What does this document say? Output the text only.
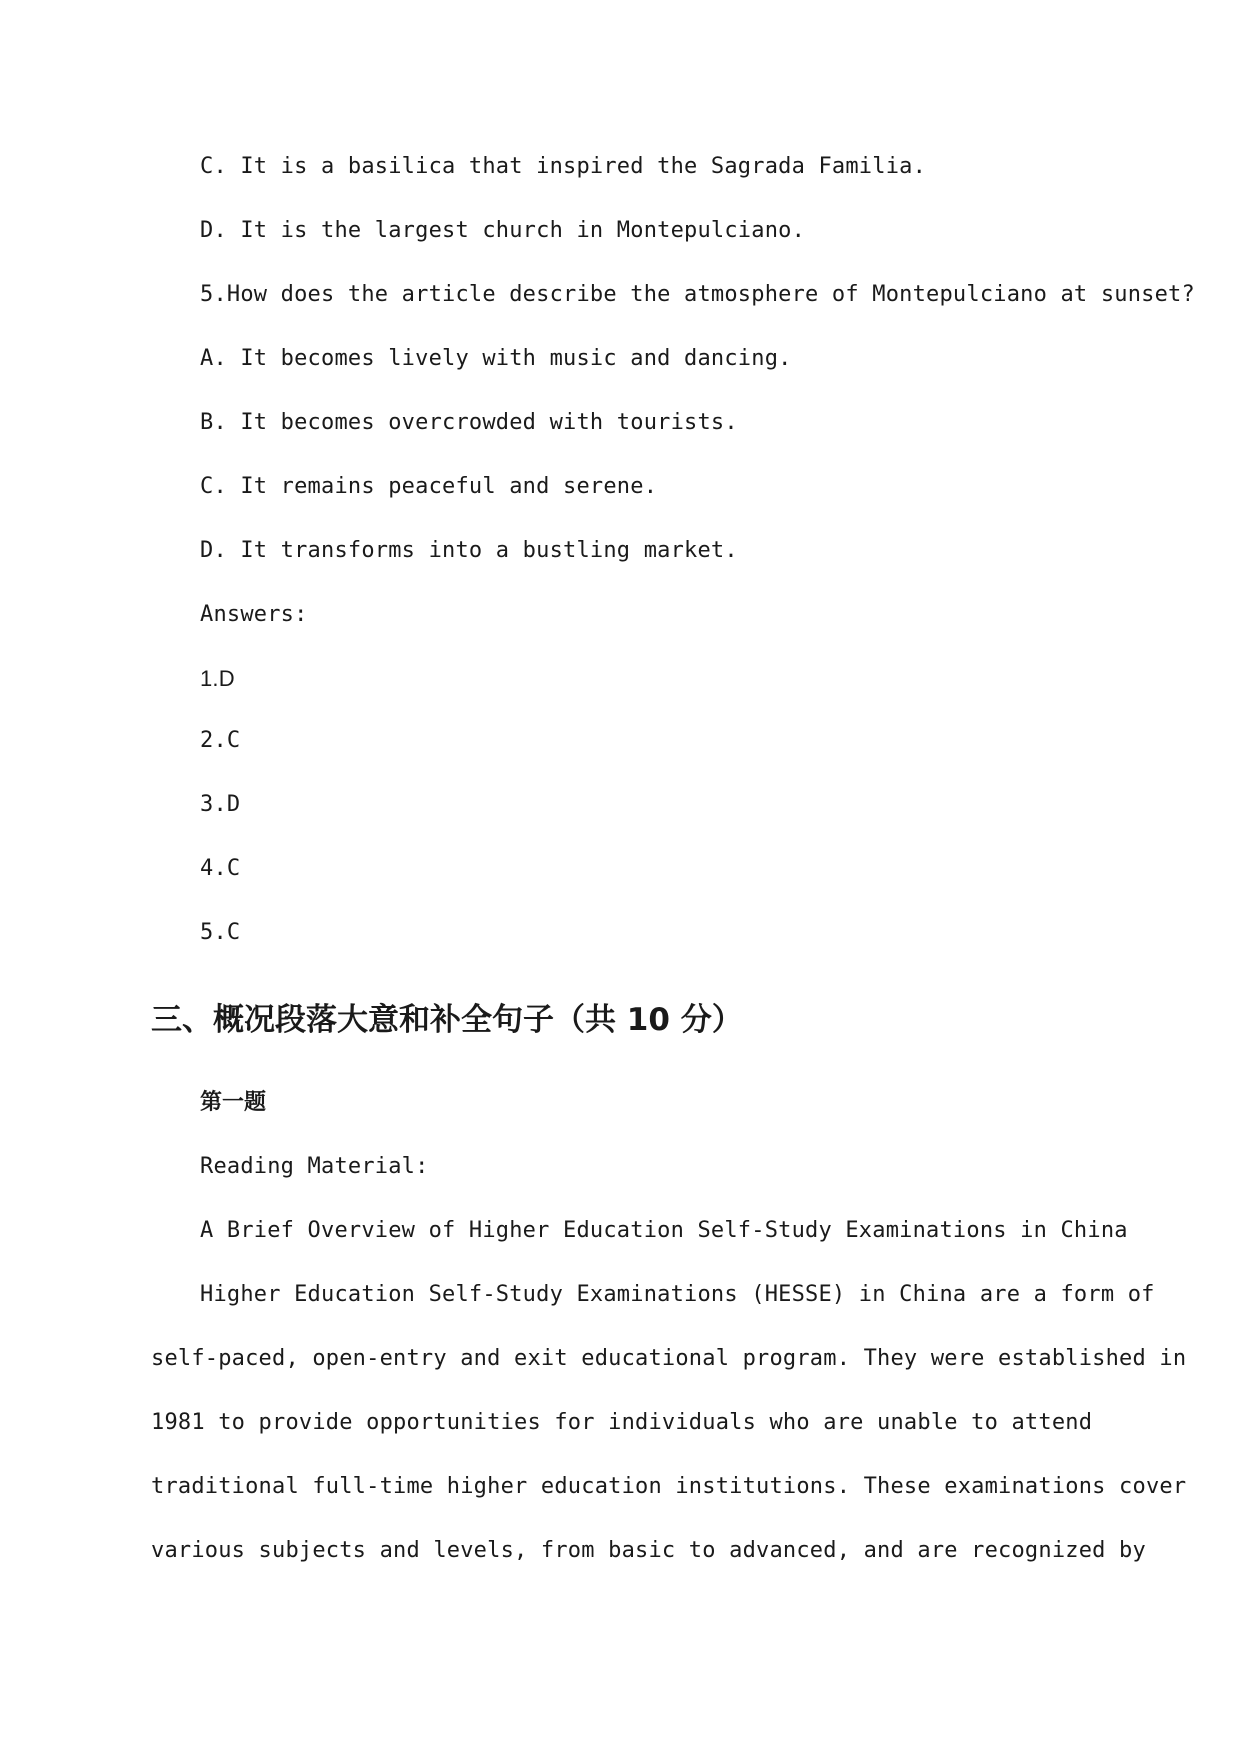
C. It is a basilica that inspired the Sagrada Familia.
D. It is the largest church in Montepulciano.
5.How does the article describe the atmosphere of Montepulciano at sunset?
A. It becomes lively with music and dancing.
B. It becomes overcrowded with tourists.
C. It remains peaceful and serene.
D. It transforms into a bustling market.
Answers:
1.D
2.C
3.D
4.C
5.C
三、概况段落大意和补全句子（共 10 分）
第一题
Reading Material:
A Brief Overview of Higher Education Self-Study Examinations in China
Higher Education Self-Study Examinations (HESSE) in China are a form of
self-paced, open-entry and exit educational program. They were established in
1981 to provide opportunities for individuals who are unable to attend
traditional full-time higher education institutions. These examinations cover
various subjects and levels, from basic to advanced, and are recognized by
